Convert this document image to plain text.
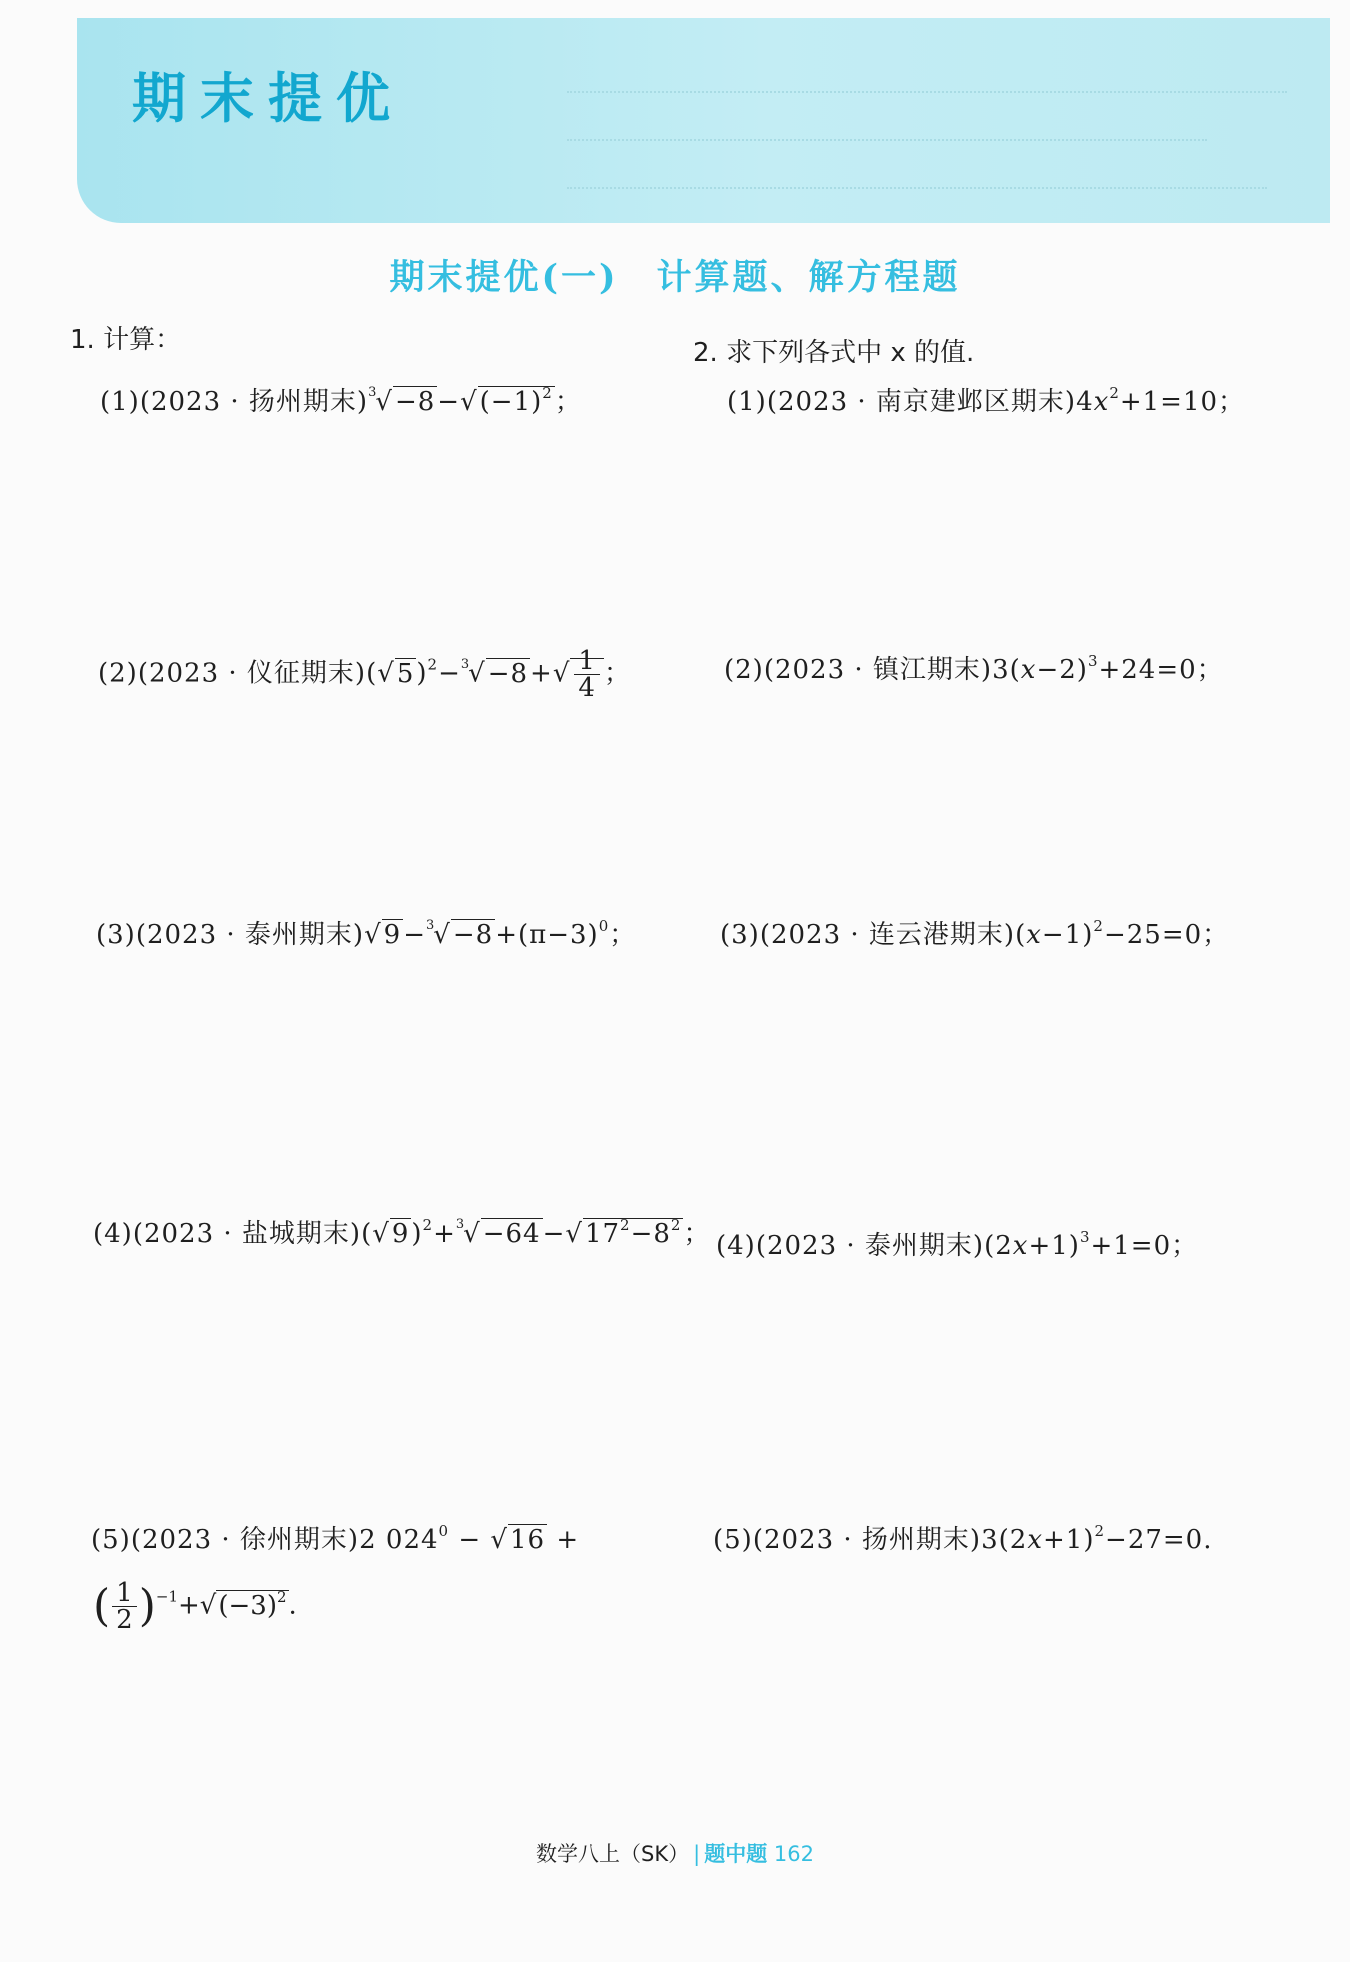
期末提优
期末提优(一)　计算题、解方程题
1. 计算：
(1)(2023 · 扬州期末)$^3√-8-√(-1)^2$；
(2)(2023 · 仪征期末)$(√5)^2-^3√-8+√ \frac{1}{4}$ ；
(3)(2023 · 泰州期末)$√9-^3√-8+(\pi-3)^0$；
(4)(2023 · 盐城期末)$(√9)^2+^3√-64-√17^2-8^2$；
(5)(2023 · 徐州期末)2 $024^0 - √16$ +
( $\frac{1}{2} )^{-1}+√(-3)^2$.
2. 求下列各式中 x 的值.
(1)(2023 · 南京建邺区期末)$4x^2+1=10$；
(2)(2023 · 镇江期末)$3(x-2)^3+24=0$；
(3)(2023 · 连云港期末)$(x-1)^2-25=0$；
(4)(2023 · 泰州期末)$(2x+1)^3+1=0$；
(5)(2023 · 扬州期末)$3(2x+1)^2-27=0$.
数学八上（SK） | 题中题 162
